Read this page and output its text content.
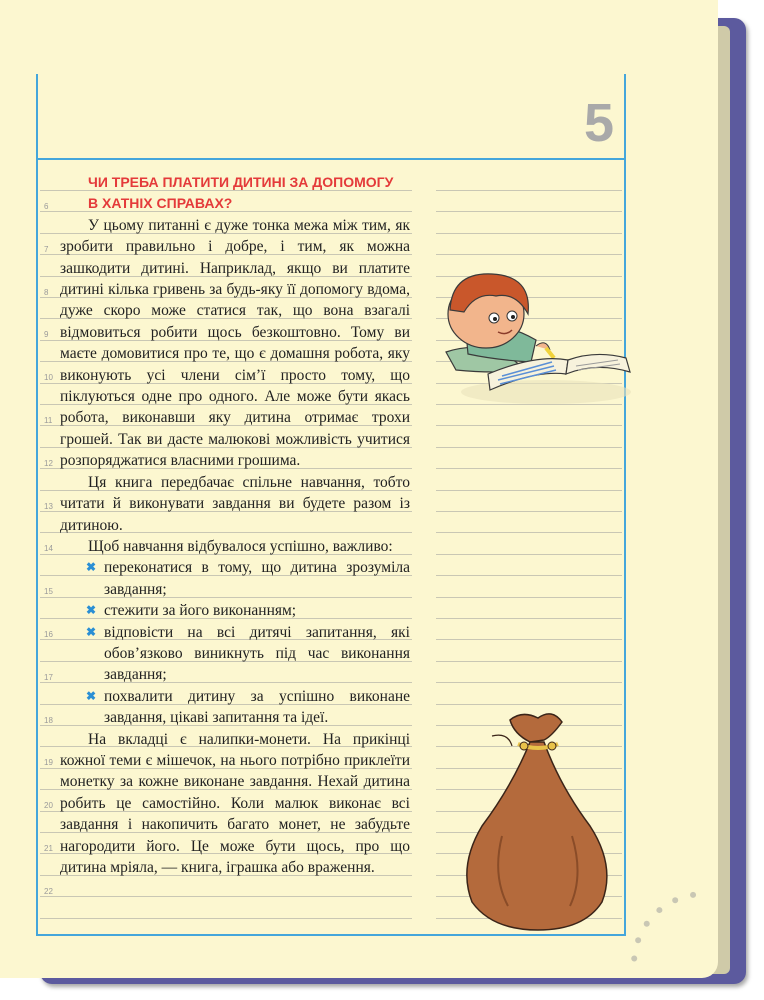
5
6
7
8
9
10
11
12
13
14
15
16
17
18
19
20
21
22
ЧИ ТРЕБА ПЛАТИТИ ДИТИНІ ЗА ДОПОМОГУ
В ХАТНІХ СПРАВАХ?

У цьому питанні є дуже тонка межа між тим, як зробити правильно і добре, і тим, як можна зашкодити дитині. Наприклад, якщо ви платите дитині кілька гривень за будь-яку її допомогу вдома, дуже скоро може статися так, що вона взагалі відмовиться робити щось безкоштовно. Тому ви маєте домовитися про те, що є домашня робота, яку виконують усі члени сім’ї просто тому, що піклуються одне про одного. Але може бути якась робота, виконавши яку дитина отримає трохи грошей. Так ви дасте малюкові можливість учитися розпоряджатися власними грошима.

Ця книга передбачає спільне навчання, тобто читати й виконувати завдання ви будете разом із дитиною.

Щоб навчання відбувалося успішно, важливо:

✖ переконатися в тому, що дитина зрозуміла завдання;
✖ стежити за його виконанням;
✖ відповісти на всі дитячі запитання, які обов’язково виникнуть під час виконання завдання;
✖ похвалити дитину за успішно виконане завдання, цікаві запитання та ідеї.

На вкладці є налипки-монети. На прикінці кожної теми є мішечок, на нього потрібно приклеїти монетку за кожне виконане завдання. Нехай дитина робить це самостійно. Коли малюк виконає всі завдання і накопичить багато монет, не забудьте нагородити його. Це може бути щось, про що дитина мріяла, — книга, іграшка або враження.
